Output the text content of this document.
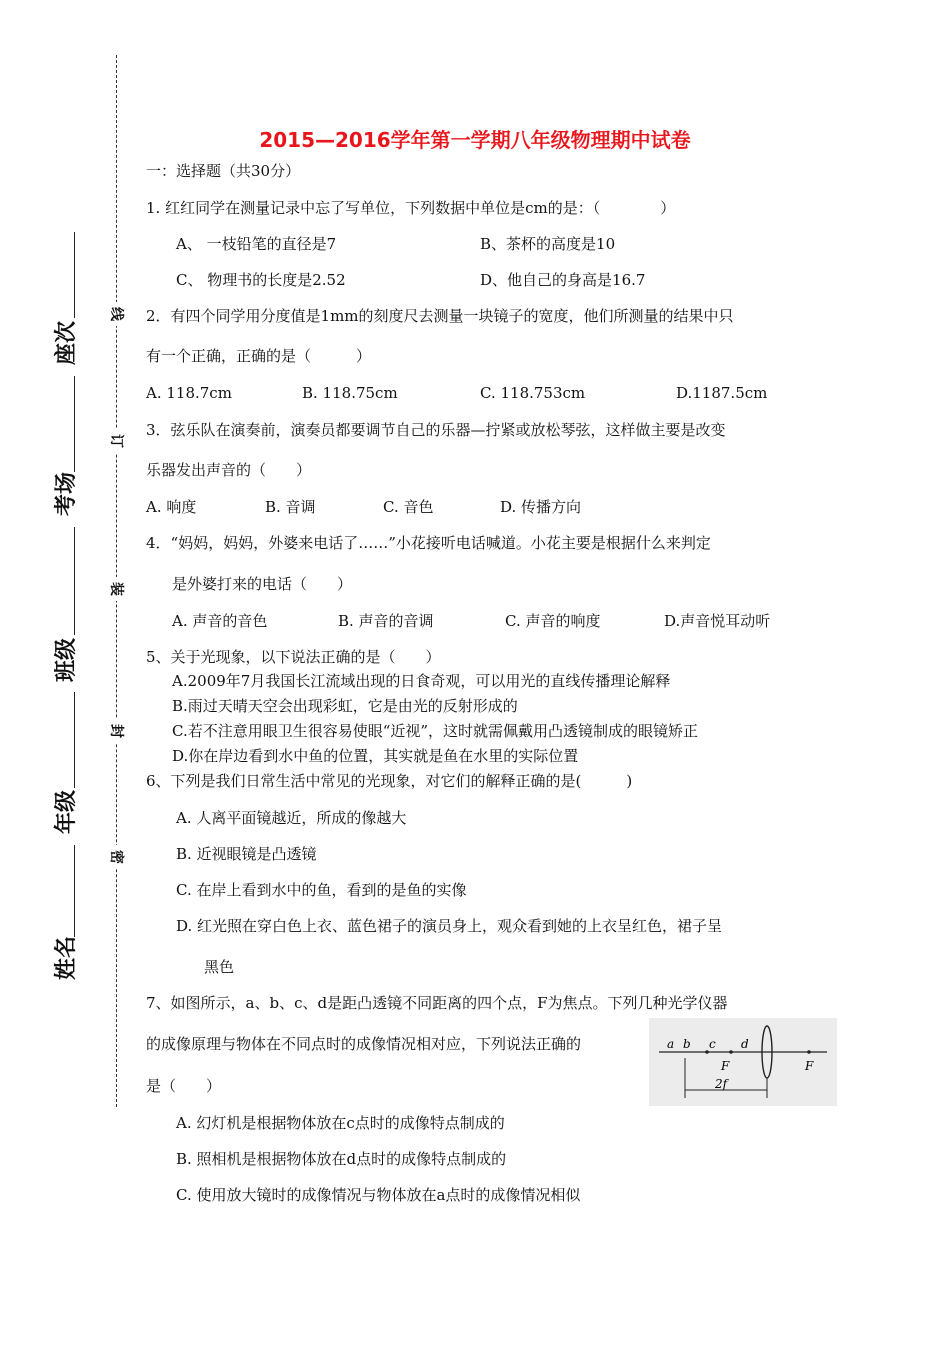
线
订
装
封
密
座次
考场
班级
年级
姓名
2015—2016学年第一学期八年级物理期中试卷
一：选择题（共30分）
1. 红红同学在测量记录中忘了写单位，下列数据中单位是cm的是：（　　　　）
A、 一枝铅笔的直径是7	B、茶杯的高度是10
C、 物理书的长度是2.52	D、他自己的身高是16.7
2．有四个同学用分度值是1mm的刻度尺去测量一块镜子的宽度，他们所测量的结果中只
有一个正确，正确的是（　　　）
A. 118.7cm	B. 118.75cm	C. 118.753cm	D.1187.5cm
3．弦乐队在演奏前，演奏员都要调节自己的乐器—拧紧或放松琴弦，这样做主要是改变
乐器发出声音的（　　）
A. 响度	B. 音调	C. 音色	D. 传播方向
4．“妈妈，妈妈，外婆来电话了……”小花接听电话喊道。小花主要是根据什么来判定
是外婆打来的电话（　　）
A. 声音的音色	B. 声音的音调	C. 声音的响度	D.声音悦耳动听
5、关于光现象，以下说法正确的是（　　）
A.2009年7月我国长江流域出现的日食奇观，可以用光的直线传播理论解释
B.雨过天晴天空会出现彩虹，它是由光的反射形成的
C.若不注意用眼卫生很容易使眼“近视”，这时就需佩戴用凸透镜制成的眼镜矫正
D.你在岸边看到水中鱼的位置，其实就是鱼在水里的实际位置
6、下列是我们日常生活中常见的光现象，对它们的解释正确的是(　　　)
A. 人离平面镜越近，所成的像越大
B. 近视眼镜是凸透镜
C. 在岸上看到水中的鱼，看到的是鱼的实像
D. 红光照在穿白色上衣、蓝色裙子的演员身上，观众看到她的上衣呈红色，裙子呈
黑色
7、如图所示，a、b、c、d是距凸透镜不同距离的四个点，F为焦点。下列几种光学仪器
的成像原理与物体在不同点时的成像情况相对应，下列说法正确的
是（　　）
a b c d
F	F
2f
A. 幻灯机是根据物体放在c点时的成像特点制成的
B. 照相机是根据物体放在d点时的成像特点制成的
C. 使用放大镜时的成像情况与物体放在a点时的成像情况相似
